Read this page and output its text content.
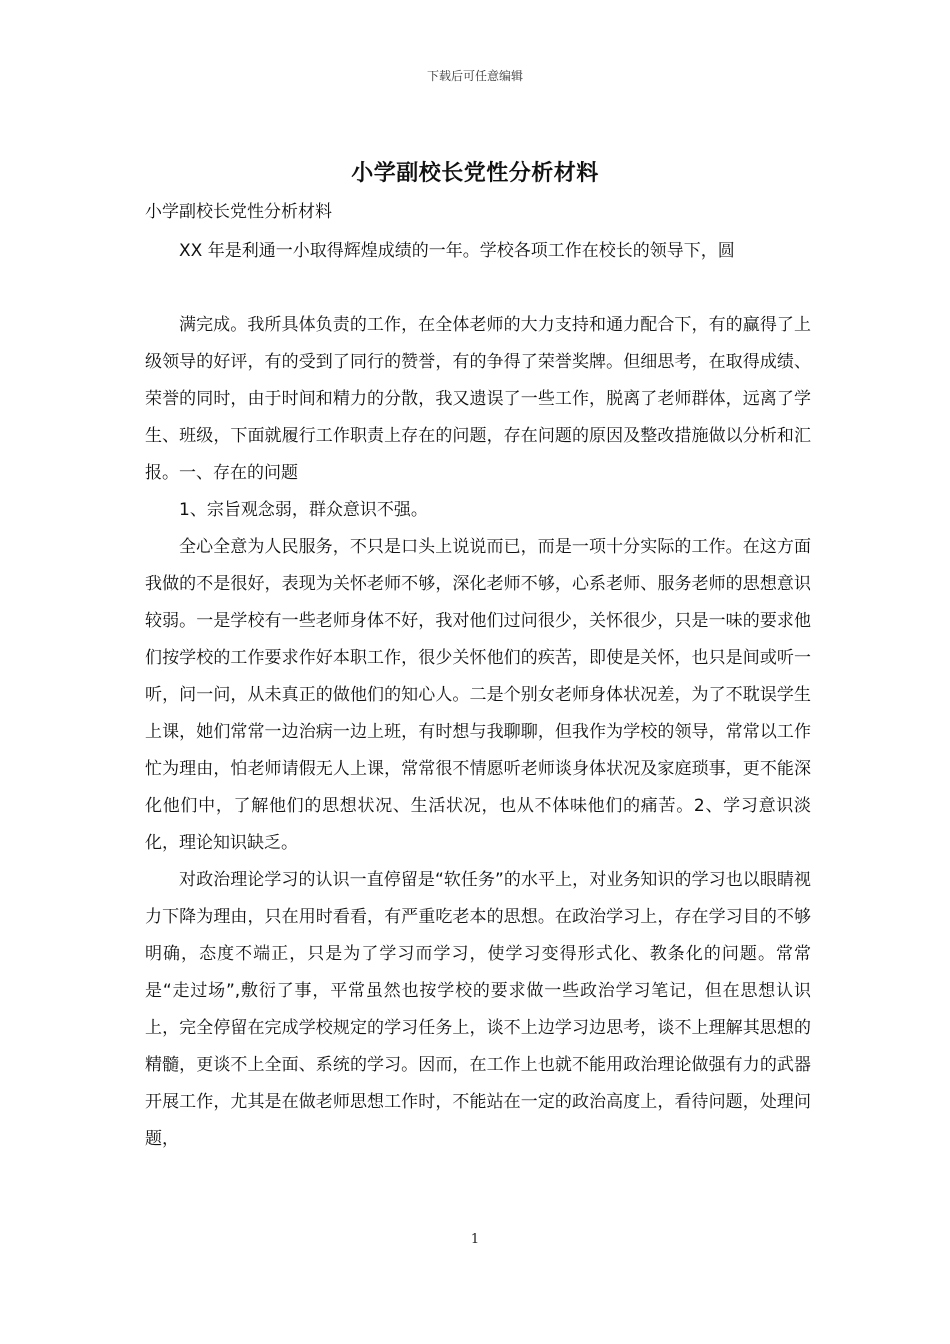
下载后可任意编辑
小学副校长党性分析材料
小学副校长党性分析材料
XX 年是利通一小取得辉煌成绩的一年。学校各项工作在校长的领导下，圆

满完成。我所具体负责的工作，在全体老师的大力支持和通力配合下，有的赢得了上级领导的好评，有的受到了同行的赞誉，有的争得了荣誉奖牌。但细思考，在取得成绩、荣誉的同时，由于时间和精力的分散，我又遗误了一些工作，脱离了老师群体，远离了学生、班级，下面就履行工作职责上存在的问题，存在问题的原因及整改措施做以分析和汇报。一、存在的问题

1、宗旨观念弱，群众意识不强。

全心全意为人民服务，不只是口头上说说而已，而是一项十分实际的工作。在这方面我做的不是很好，表现为关怀老师不够，深化老师不够，心系老师、服务老师的思想意识较弱。一是学校有一些老师身体不好，我对他们过问很少，关怀很少，只是一味的要求他们按学校的工作要求作好本职工作，很少关怀他们的疾苦，即使是关怀，也只是间或听一听，问一问，从未真正的做他们的知心人。二是个别女老师身体状况差，为了不耽误学生上课，她们常常一边治病一边上班，有时想与我聊聊，但我作为学校的领导，常常以工作忙为理由，怕老师请假无人上课，常常很不情愿听老师谈身体状况及家庭琐事，更不能深化他们中，了解他们的思想状况、生活状况，也从不体味他们的痛苦。2、学习意识淡化，理论知识缺乏。

对政治理论学习的认识一直停留是“软任务”的水平上，对业务知识的学习也以眼睛视力下降为理由，只在用时看看，有严重吃老本的思想。在政治学习上，存在学习目的不够明确，态度不端正，只是为了学习而学习，使学习变得形式化、教条化的问题。常常是“走过场”,敷衍了事，平常虽然也按学校的要求做一些政治学习笔记，但在思想认识上，完全停留在完成学校规定的学习任务上，谈不上边学习边思考，谈不上理解其思想的精髓，更谈不上全面、系统的学习。因而，在工作上也就不能用政治理论做强有力的武器开展工作，尤其是在做老师思想工作时，不能站在一定的政治高度上，看待问题，处理问题，

1
